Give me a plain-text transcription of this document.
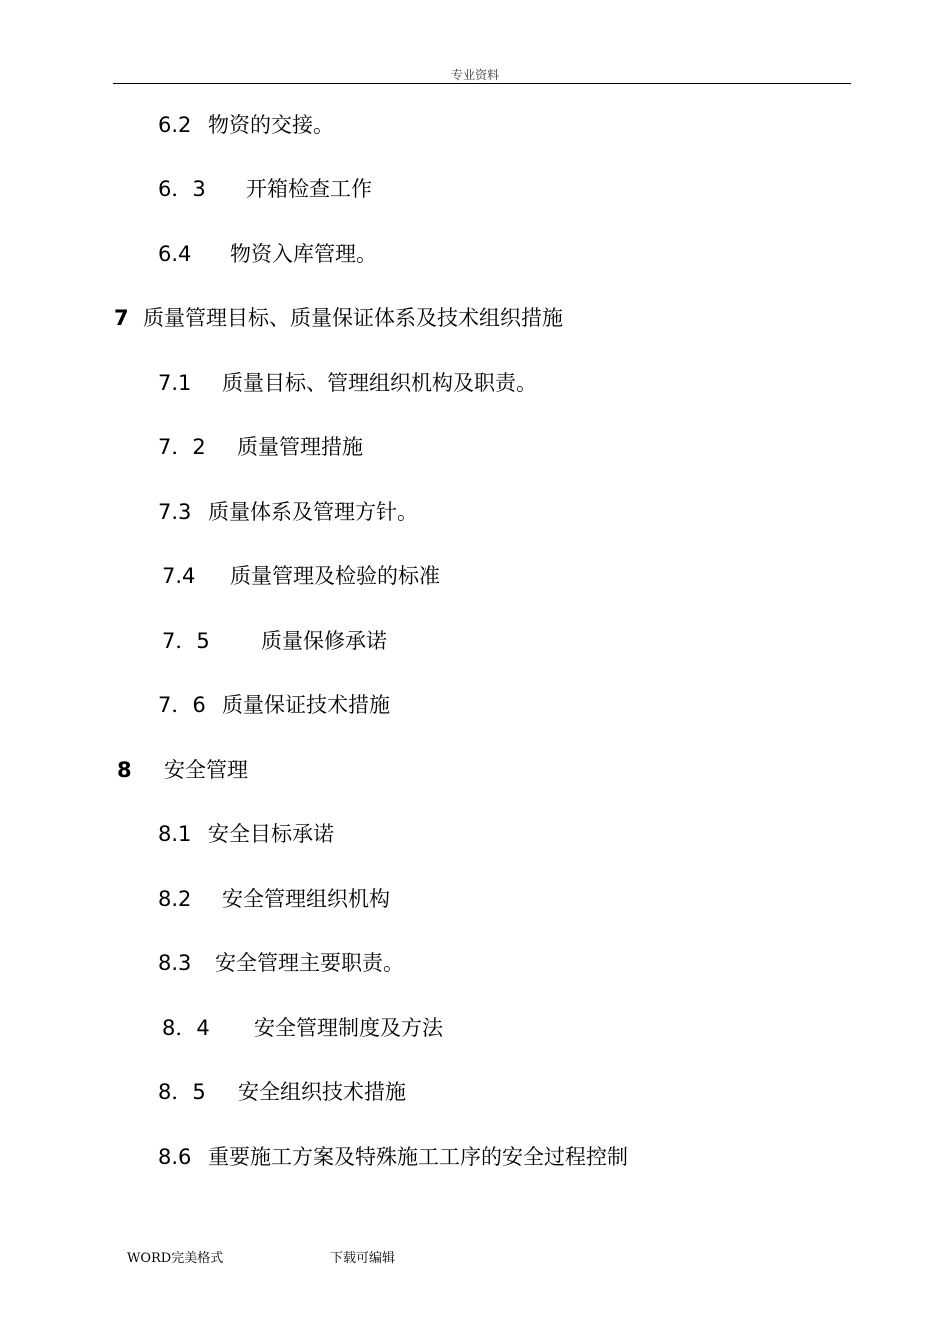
专业资料
6.2 物资的交接。
6．3 开箱检查工作
6.4 物资入库管理。
7 质量管理目标、质量保证体系及技术组织措施
7.1 质量目标、管理组织机构及职责。
7．2 质量管理措施
7.3 质量体系及管理方针。
7.4 质量管理及检验的标准
7．5 质量保修承诺
7．6 质量保证技术措施
8 安全管理
8.1 安全目标承诺
8.2 安全管理组织机构
8.3 安全管理主要职责。
8．4 安全管理制度及方法
8．5 安全组织技术措施
8.6 重要施工方案及特殊施工工序的安全过程控制
WORD完美格式	下载可编辑
